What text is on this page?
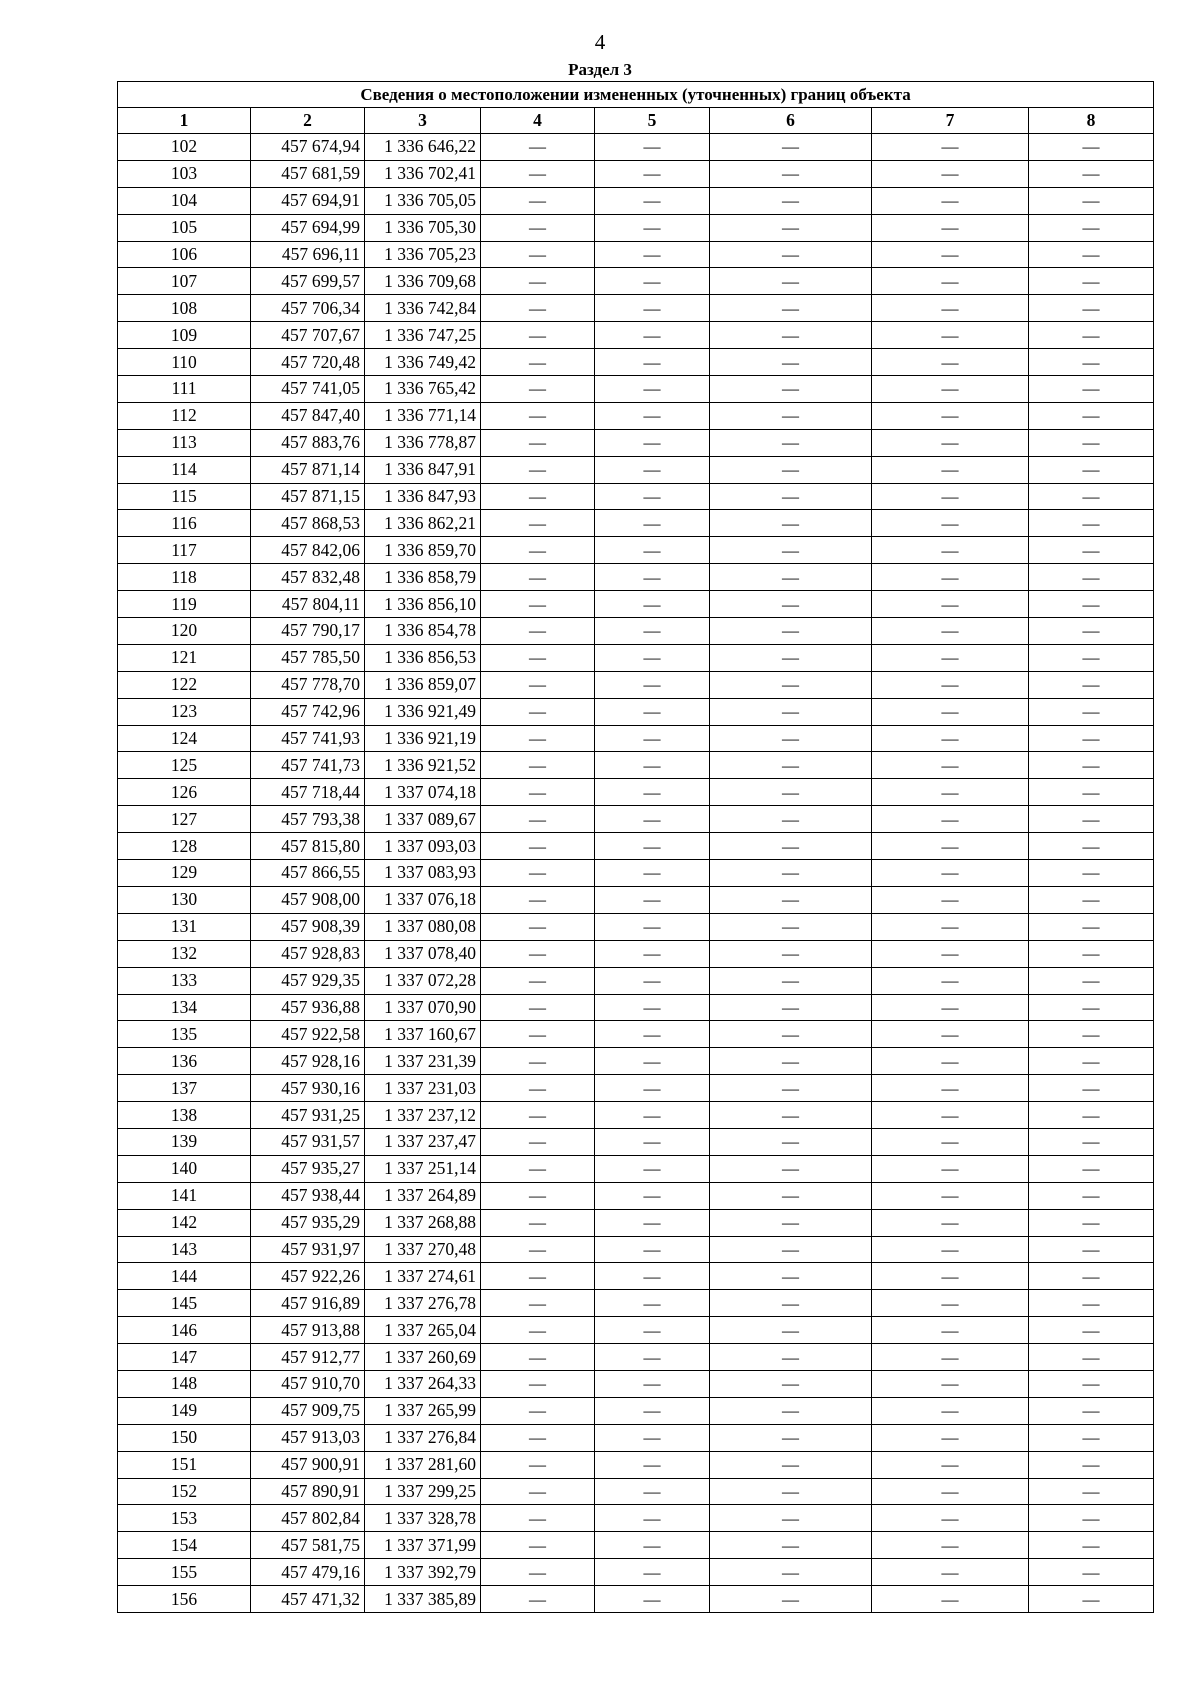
4
Раздел 3
Сведения о местоположении измененных (уточненных) границ объекта							
1	2	3	4	5	6	7	8
102	457 674,94	1 336 646,22	—	—	—	—	—
103	457 681,59	1 336 702,41	—	—	—	—	—
104	457 694,91	1 336 705,05	—	—	—	—	—
105	457 694,99	1 336 705,30	—	—	—	—	—
106	457 696,11	1 336 705,23	—	—	—	—	—
107	457 699,57	1 336 709,68	—	—	—	—	—
108	457 706,34	1 336 742,84	—	—	—	—	—
109	457 707,67	1 336 747,25	—	—	—	—	—
110	457 720,48	1 336 749,42	—	—	—	—	—
111	457 741,05	1 336 765,42	—	—	—	—	—
112	457 847,40	1 336 771,14	—	—	—	—	—
113	457 883,76	1 336 778,87	—	—	—	—	—
114	457 871,14	1 336 847,91	—	—	—	—	—
115	457 871,15	1 336 847,93	—	—	—	—	—
116	457 868,53	1 336 862,21	—	—	—	—	—
117	457 842,06	1 336 859,70	—	—	—	—	—
118	457 832,48	1 336 858,79	—	—	—	—	—
119	457 804,11	1 336 856,10	—	—	—	—	—
120	457 790,17	1 336 854,78	—	—	—	—	—
121	457 785,50	1 336 856,53	—	—	—	—	—
122	457 778,70	1 336 859,07	—	—	—	—	—
123	457 742,96	1 336 921,49	—	—	—	—	—
124	457 741,93	1 336 921,19	—	—	—	—	—
125	457 741,73	1 336 921,52	—	—	—	—	—
126	457 718,44	1 337 074,18	—	—	—	—	—
127	457 793,38	1 337 089,67	—	—	—	—	—
128	457 815,80	1 337 093,03	—	—	—	—	—
129	457 866,55	1 337 083,93	—	—	—	—	—
130	457 908,00	1 337 076,18	—	—	—	—	—
131	457 908,39	1 337 080,08	—	—	—	—	—
132	457 928,83	1 337 078,40	—	—	—	—	—
133	457 929,35	1 337 072,28	—	—	—	—	—
134	457 936,88	1 337 070,90	—	—	—	—	—
135	457 922,58	1 337 160,67	—	—	—	—	—
136	457 928,16	1 337 231,39	—	—	—	—	—
137	457 930,16	1 337 231,03	—	—	—	—	—
138	457 931,25	1 337 237,12	—	—	—	—	—
139	457 931,57	1 337 237,47	—	—	—	—	—
140	457 935,27	1 337 251,14	—	—	—	—	—
141	457 938,44	1 337 264,89	—	—	—	—	—
142	457 935,29	1 337 268,88	—	—	—	—	—
143	457 931,97	1 337 270,48	—	—	—	—	—
144	457 922,26	1 337 274,61	—	—	—	—	—
145	457 916,89	1 337 276,78	—	—	—	—	—
146	457 913,88	1 337 265,04	—	—	—	—	—
147	457 912,77	1 337 260,69	—	—	—	—	—
148	457 910,70	1 337 264,33	—	—	—	—	—
149	457 909,75	1 337 265,99	—	—	—	—	—
150	457 913,03	1 337 276,84	—	—	—	—	—
151	457 900,91	1 337 281,60	—	—	—	—	—
152	457 890,91	1 337 299,25	—	—	—	—	—
153	457 802,84	1 337 328,78	—	—	—	—	—
154	457 581,75	1 337 371,99	—	—	—	—	—
155	457 479,16	1 337 392,79	—	—	—	—	—
156	457 471,32	1 337 385,89	—	—	—	—	—
